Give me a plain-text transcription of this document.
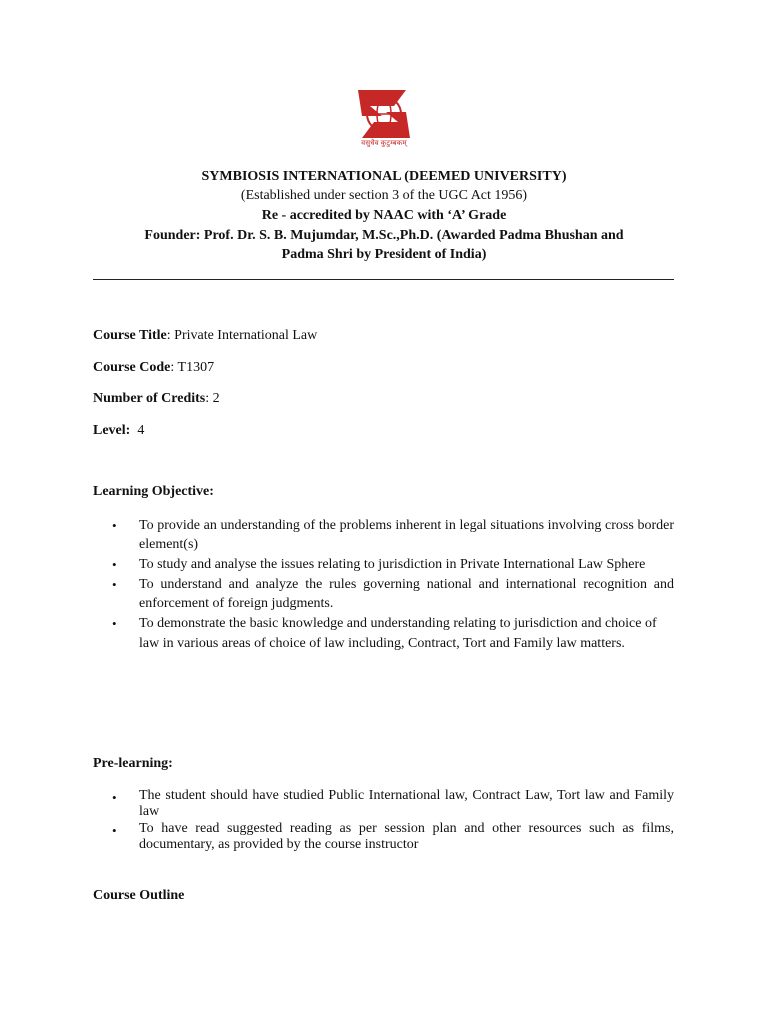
वसुधैव कुटुम्बकम्
SYMBIOSIS INTERNATIONAL (DEEMED UNIVERSITY)
(Established under section 3 of the UGC Act 1956)
Re - accredited by NAAC with ‘A’ Grade
Founder: Prof. Dr. S. B. Mujumdar, M.Sc.,Ph.D. (Awarded Padma Bhushan and
Padma Shri by President of India)
Course Title: Private International Law
Course Code: T1307
Number of Credits: 2
Level:  4
Learning Objective:
• To provide an understanding of the problems inherent in legal situations involving cross border element(s)
• To study and analyse the issues relating to jurisdiction in Private International Law Sphere
• To understand and analyze the rules governing national and international recognition and enforcement of foreign judgments.
• To demonstrate the basic knowledge and understanding relating to jurisdiction and choice of law in various areas of choice of law including, Contract, Tort and Family law matters.
Pre-learning:
• The student should have studied Public International law, Contract Law, Tort law and Family law
• To have read suggested reading as per session plan and other resources such as films, documentary, as provided by the course instructor
Course Outline
